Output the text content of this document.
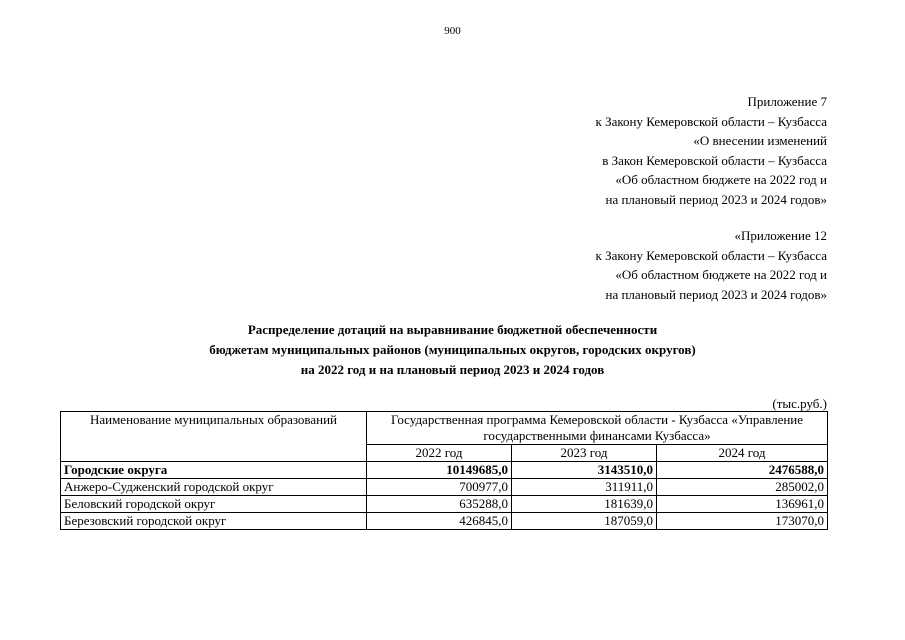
900
Приложение 7
к Закону Кемеровской области – Кузбасса
«О внесении изменений
в Закон Кемеровской области – Кузбасса
«Об областном бюджете на 2022 год и
на плановый период 2023 и 2024 годов»
«Приложение 12
к Закону Кемеровской области – Кузбасса
«Об областном бюджете на 2022 год и
на плановый период 2023 и 2024 годов»
Распределение дотаций на выравнивание бюджетной обеспеченности
бюджетам муниципальных районов (муниципальных округов, городских округов)
на 2022 год и на плановый период 2023 и 2024 годов
(тыс.руб.)
Наименование муниципальных образований	Государственная программа Кемеровской области - Кузбасса «Управление государственными финансами Кузбасса»		
	2022 год	2023 год	2024 год
Городские округа	10149685,0	3143510,0	2476588,0
Анжеро-Судженский городской округ	700977,0	311911,0	285002,0
Беловский городской округ	635288,0	181639,0	136961,0
Березовский городской округ	426845,0	187059,0	173070,0
